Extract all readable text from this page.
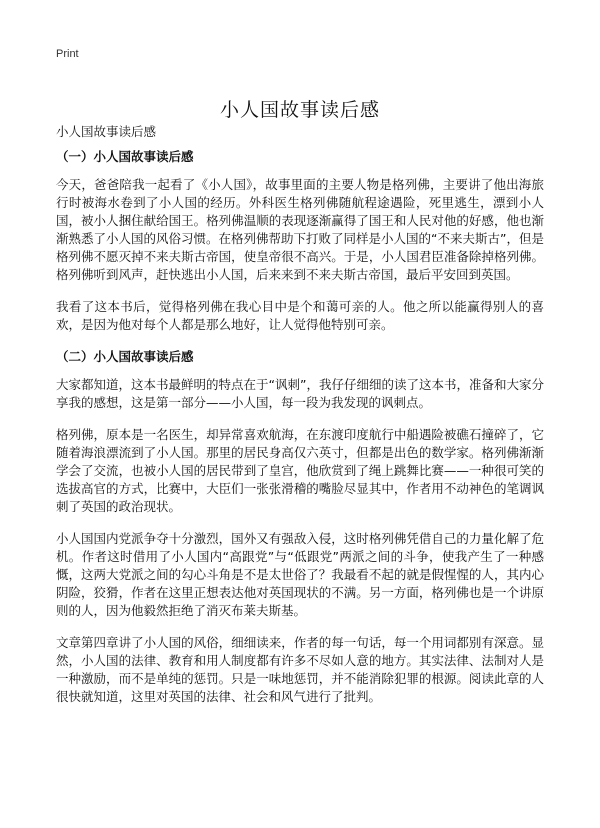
Print
小人国故事读后感
小人国故事读后感
（一）小人国故事读后感

今天，爸爸陪我一起看了《小人国》，故事里面的主要人物是格列佛，主要讲了他出海旅行时被海水卷到了小人国的经历。外科医生格列佛随航程途遇险，死里逃生，漂到小人国，被小人捆住献给国王。格列佛温顺的表现逐渐赢得了国王和人民对他的好感，他也渐渐熟悉了小人国的风俗习惯。在格列佛帮助下打败了同样是小人国的“不来夫斯古”，但是格列佛不愿灭掉不来夫斯古帝国，使皇帝很不高兴。于是，小人国君臣准备除掉格列佛。格列佛听到风声，赶快逃出小人国，后来来到不来夫斯古帝国，最后平安回到英国。

我看了这本书后，觉得格列佛在我心目中是个和蔼可亲的人。他之所以能赢得别人的喜欢，是因为他对每个人都是那么地好，让人觉得他特别可亲。

（二）小人国故事读后感

大家都知道，这本书最鲜明的特点在于“讽刺”，我仔仔细细的读了这本书，准备和大家分享我的感想，这是第一部分——小人国，每一段为我发现的讽刺点。

格列佛，原本是一名医生，却异常喜欢航海，在东渡印度航行中船遇险被礁石撞碎了，它随着海浪漂流到了小人国。那里的居民身高仅六英寸，但都是出色的数学家。格列佛渐渐学会了交流，也被小人国的居民带到了皇宫，他欣赏到了绳上跳舞比赛——一种很可笑的选拔高官的方式，比赛中，大臣们一张张滑稽的嘴脸尽显其中，作者用不动神色的笔调讽刺了英国的政治现状。

小人国国内党派争夺十分激烈，国外又有强敌入侵，这时格列佛凭借自己的力量化解了危机。作者这时借用了小人国内“高跟党”与“低跟党”两派之间的斗争，使我产生了一种感慨，这两大党派之间的勾心斗角是不是太世俗了？我最看不起的就是假惺惺的人，其内心阴险，狡猾，作者在这里正想表达他对英国现状的不满。另一方面，格列佛也是一个讲原则的人，因为他毅然拒绝了消灭布莱夫斯基。

文章第四章讲了小人国的风俗，细细读来，作者的每一句话，每一个用词都别有深意。显然，小人国的法律、教育和用人制度都有许多不尽如人意的地方。其实法律、法制对人是一种激励，而不是单纯的惩罚。只是一味地惩罚，并不能消除犯罪的根源。阅读此章的人很快就知道，这里对英国的法律、社会和风气进行了批判。
